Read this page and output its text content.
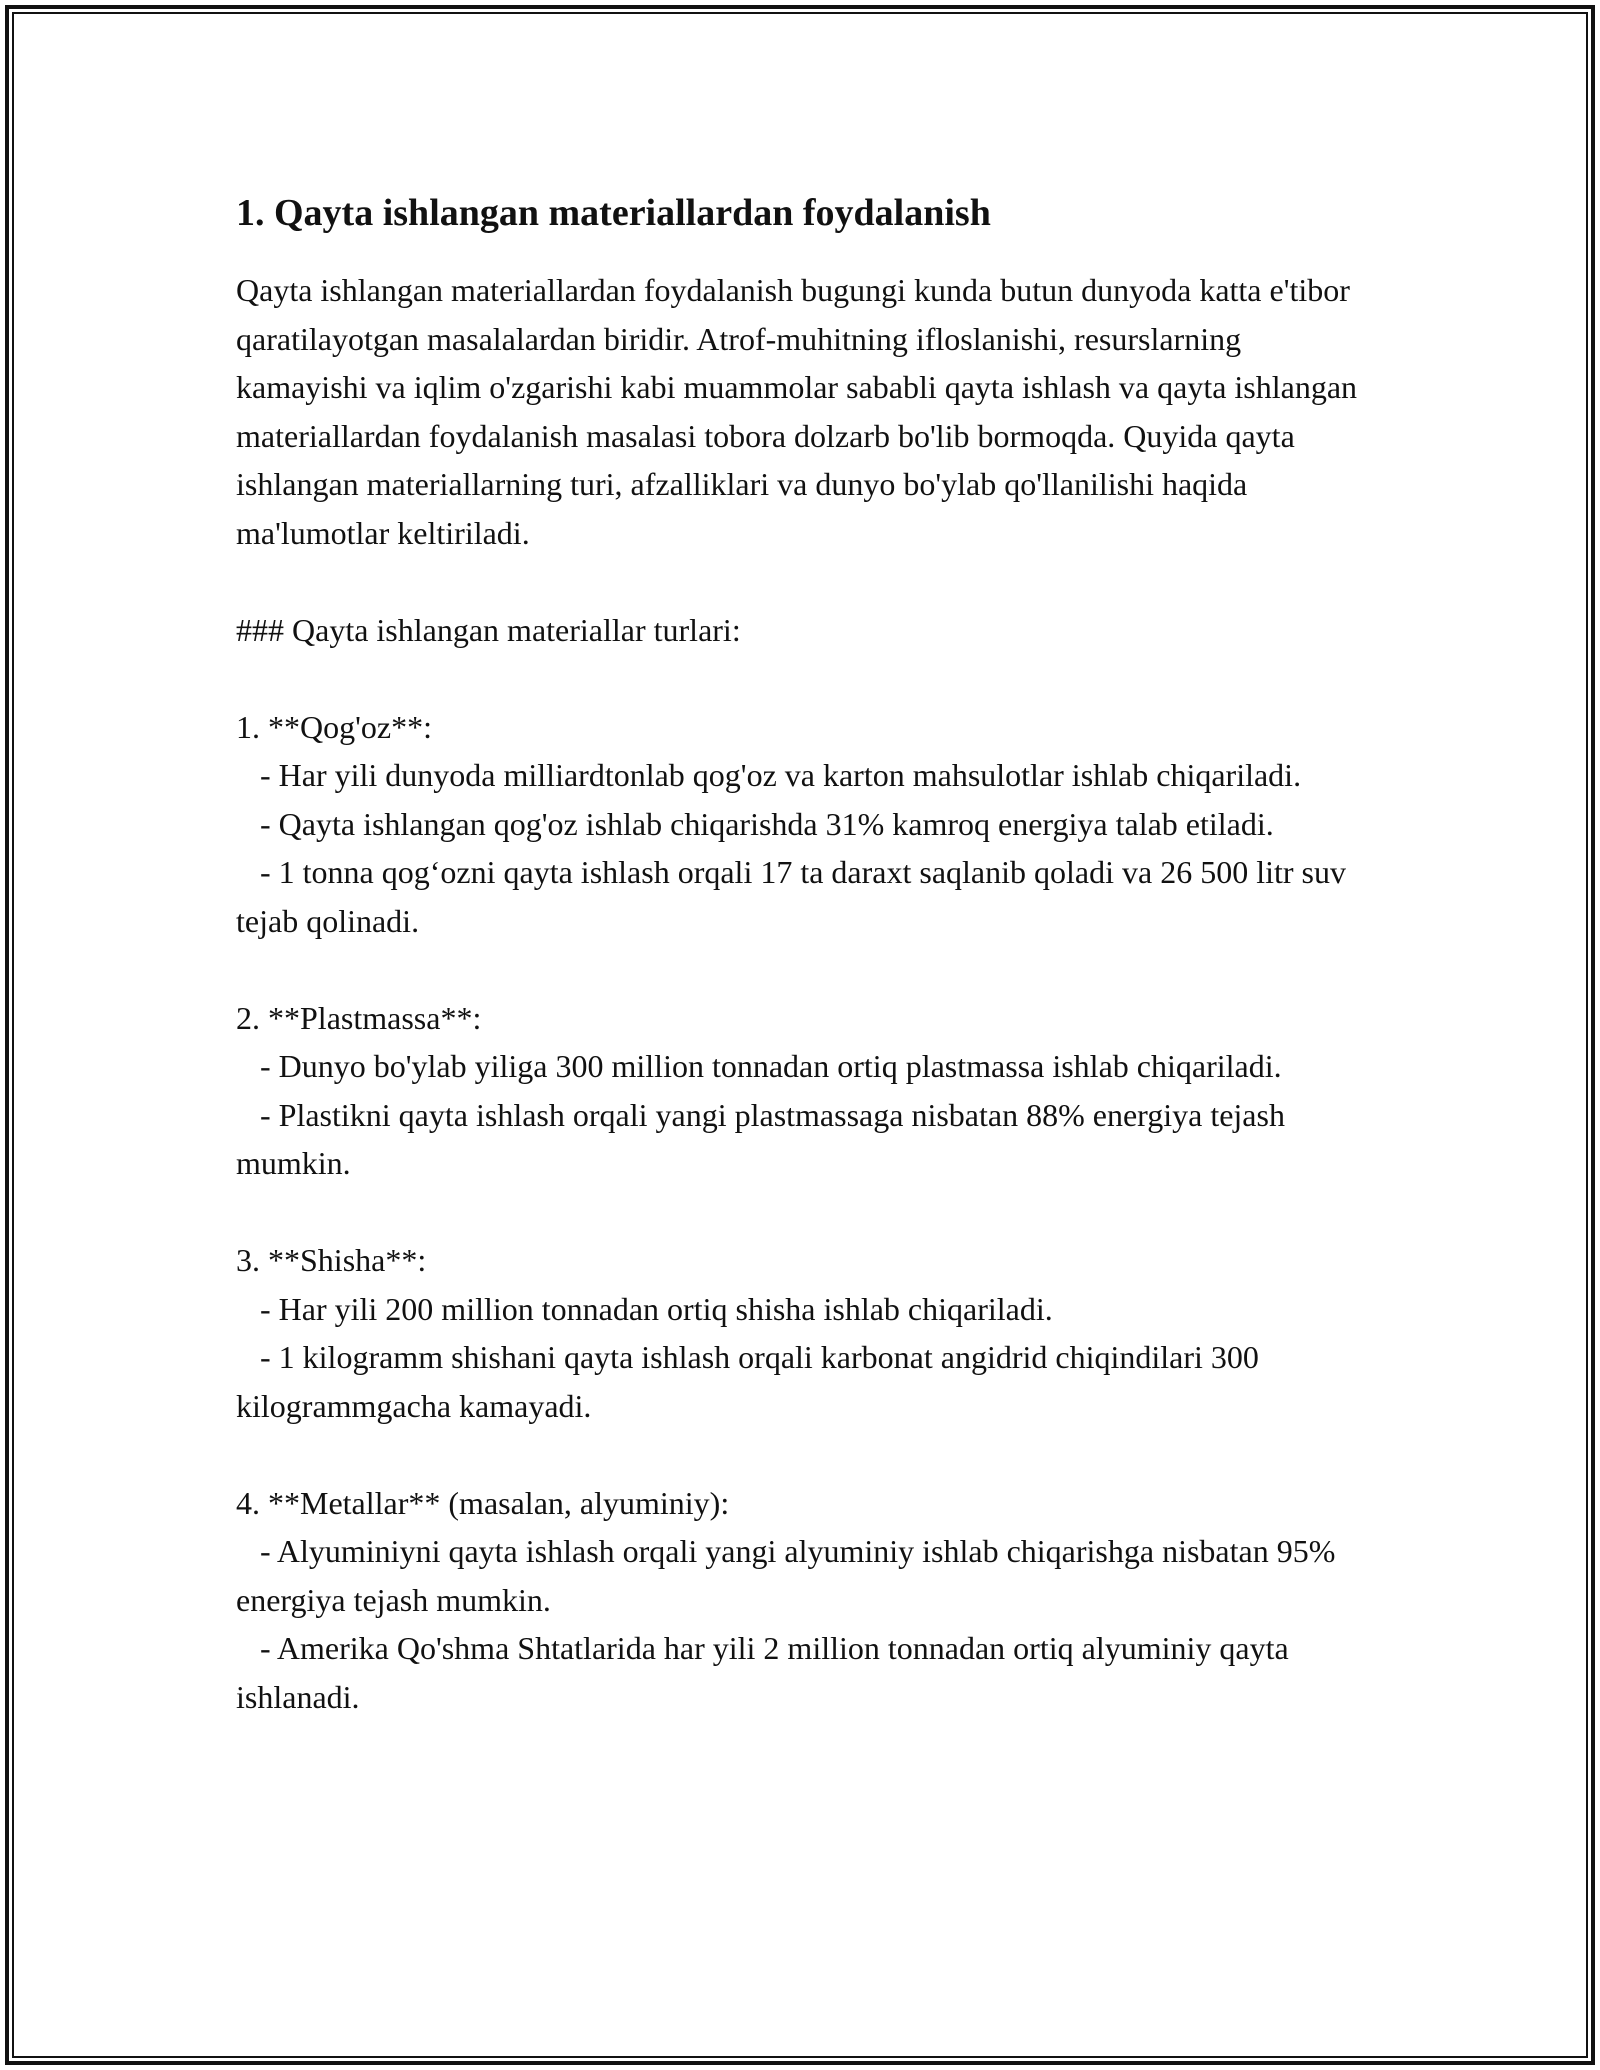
1. Qayta ishlangan materiallardan foydalanish

Qayta ishlangan materiallardan foydalanish bugungi kunda butun dunyoda katta e'tibor qaratilayotgan masalalardan biridir. Atrof-muhitning ifloslanishi, resurslarning kamayishi va iqlim o'zgarishi kabi muammolar sababli qayta ishlash va qayta ishlangan materiallardan foydalanish masalasi tobora dolzarb bo'lib bormoqda. Quyida qayta ishlangan materiallarning turi, afzalliklari va dunyo bo'ylab qo'llanilishi haqida ma'lumotlar keltiriladi.

### Qayta ishlangan materiallar turlari:

1. **Qog'oz**:

- Har yili dunyoda milliardtonlab qog'oz va karton mahsulotlar ishlab chiqariladi.

- Qayta ishlangan qog'oz ishlab chiqarishda 31% kamroq energiya talab etiladi.

- 1 tonna qog‘ozni qayta ishlash orqali 17 ta daraxt saqlanib qoladi va 26 500 litr suv tejab qolinadi.

2. **Plastmassa**:

- Dunyo bo'ylab yiliga 300 million tonnadan ortiq plastmassa ishlab chiqariladi.

- Plastikni qayta ishlash orqali yangi plastmassaga nisbatan 88% energiya tejash mumkin.

3. **Shisha**:

- Har yili 200 million tonnadan ortiq shisha ishlab chiqariladi.

- 1 kilogramm shishani qayta ishlash orqali karbonat angidrid chiqindilari 300 kilogrammgacha kamayadi.

4. **Metallar** (masalan, alyuminiy):

- Alyuminiyni qayta ishlash orqali yangi alyuminiy ishlab chiqarishga nisbatan 95% energiya tejash mumkin.

- Amerika Qo'shma Shtatlarida har yili 2 million tonnadan ortiq alyuminiy qayta ishlanadi.
